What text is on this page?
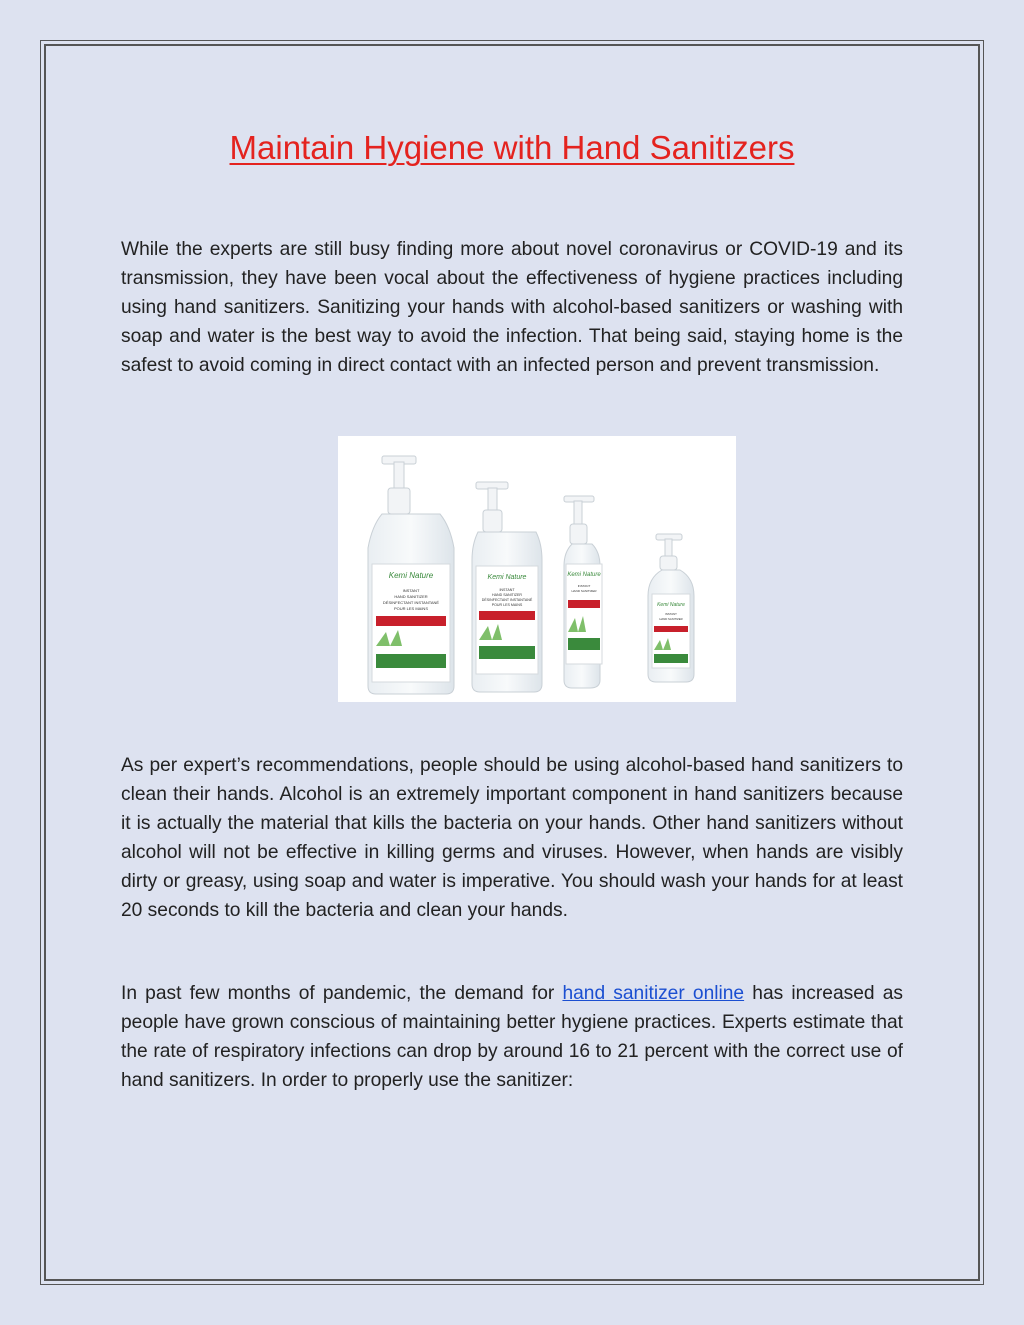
Maintain Hygiene with Hand Sanitizers

While the experts are still busy finding more about novel coronavirus or COVID-19 and its transmission, they have been vocal about the effectiveness of hygiene practices including using hand sanitizers. Sanitizing your hands with alcohol-based sanitizers or washing with soap and water is the best way to avoid the infection. That being said, staying home is the safest to avoid coming in direct contact with an infected person and prevent transmission.

Kemi Nature
INSTANT
HAND SANITIZER
DÉSINFECTANT INSTANTANÉ
POUR LES MAINS
Kemi Nature
INSTANT
HAND SANITIZER
DÉSINFECTANT INSTANTANÉ
POUR LES MAINS
Kemi Nature
INSTANT
HAND SANITIZER
Kemi Nature
INSTANT
HAND SANITIZER

As per expert’s recommendations, people should be using alcohol-based hand sanitizers to clean their hands. Alcohol is an extremely important component in hand sanitizers because it is actually the material that kills the bacteria on your hands. Other hand sanitizers without alcohol will not be effective in killing germs and viruses. However, when hands are visibly dirty or greasy, using soap and water is imperative. You should wash your hands for at least 20 seconds to kill the bacteria and clean your hands.

In past few months of pandemic, the demand for hand sanitizer online has increased as people have grown conscious of maintaining better hygiene practices. Experts estimate that the rate of respiratory infections can drop by around 16 to 21 percent with the correct use of hand sanitizers. In order to properly use the sanitizer:
